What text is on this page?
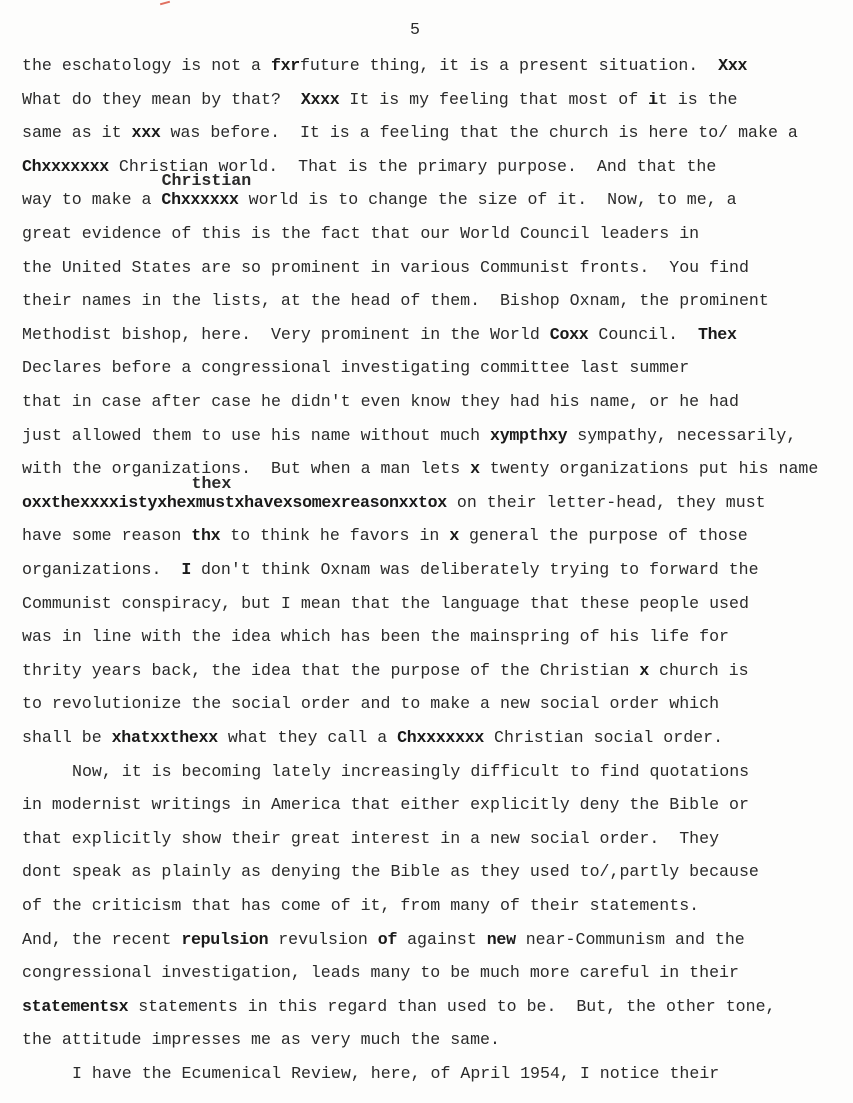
5
the eschatology is not a fxrfuture thing, it is a present situation.  Xxx
What do they mean by that?  Xxxx It is my feeling that most of it is the
same as it xxx was before.  It is a feeling that the church is here to/ make a
Chxxxxxxx Christian world.  That is the primary purpose.  And that the
way to make a Chxxxxxx world is to change the size of it.  Now, to me, a
great evidence of this is the fact that our World Council leaders in
the United States are so prominent in various Communist fronts.  You find
their names in the lists, at the head of them.  Bishop Oxnam, the prominent
Methodist bishop, here.  Very prominent in the World Coxx Council.  Thex
Declares before a congressional investigating committee last summer
that in case after case he didn't even know they had his name, or he had
just allowed them to use his name without much xympthxy sympathy, necessarily,
with the organizations.  But when a man lets x twenty organizations put his name
oxxthexxxxistyxhexmustxhavexsomexreasonxxtox on their letter-head, they must
have some reason thx to think he favors in x general the purpose of those
organizations.  I don't think Oxnam was deliberately trying to forward the
Communist conspiracy, but I mean that the language that these people used
was in line with the idea which has been the mainspring of his life for
thrity years back, the idea that the purpose of the Christian x church is
to revolutionize the social order and to make a new social order which
shall be xhatxxthexx what they call a Chxxxxxxx Christian social order.
Now, it is becoming lately increasingly difficult to find quotations
in modernist writings in America that either explicitly deny the Bible or
that explicitly show their great interest in a new social order.  They
dont speak as plainly as denying the Bible as they used to/,partly because
of the criticism that has come of it, from many of their statements.
And, the recent repulsion revulsion of against new near-Communism and the
congressional investigation, leads many to be much more careful in their
statementsx statements in this regard than used to be.  But, the other tone,
the attitude impresses me as very much the same.
I have the Ecumenical Review, here, of April 1954, I notice their
Christian
thex
